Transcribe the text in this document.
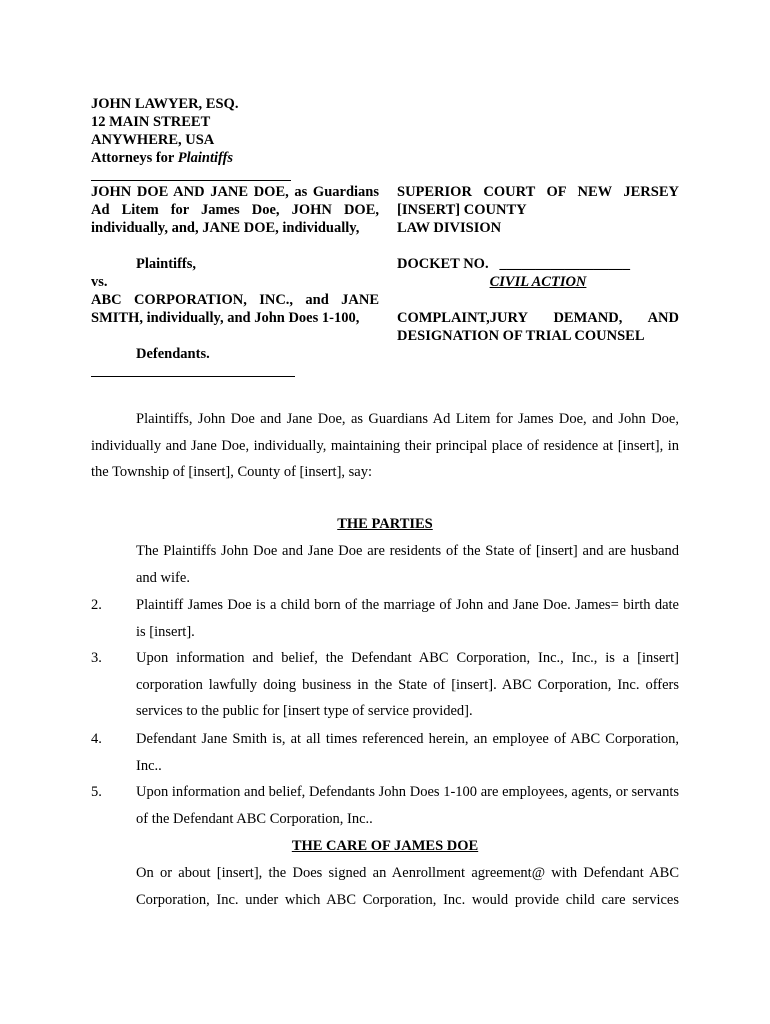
JOHN LAWYER, ESQ.
12 MAIN STREET
ANYWHERE, USA
Attorneys for Plaintiffs
JOHN DOE AND JANE DOE, as Guardians Ad Litem for James Doe, JOHN DOE, individually, and, JANE DOE, individually,
Plaintiffs,
vs.
ABC CORPORATION, INC., and JANE SMITH, individually, and John Does 1-100,
Defendants.
SUPERIOR COURT OF NEW JERSEY
[INSERT] COUNTY
LAW DIVISION
DOCKET NO. __________________
CIVIL ACTION
COMPLAINT,JURY DEMAND, AND DESIGNATION OF TRIAL COUNSEL
Plaintiffs, John Doe and Jane Doe, as Guardians Ad Litem for James Doe, and John Doe, individually and Jane Doe, individually, maintaining their principal place of residence at [insert], in the Township of [insert], County of [insert], say:
THE PARTIES
The Plaintiffs John Doe and Jane Doe are residents of the State of [insert] and are husband and wife.
2. Plaintiff James Doe is a child born of the marriage of John and Jane Doe. James= birth date is [insert].
3. Upon information and belief, the Defendant ABC Corporation, Inc., Inc., is a [insert] corporation lawfully doing business in the State of [insert]. ABC Corporation, Inc. offers services to the public for [insert type of service provided].
4. Defendant Jane Smith is, at all times referenced herein, an employee of ABC Corporation, Inc..
5. Upon information and belief, Defendants John Does 1-100 are employees, agents, or servants of the Defendant ABC Corporation, Inc..
THE CARE OF JAMES DOE
On or about [insert], the Does signed an Aenrollment agreement@ with Defendant ABC Corporation, Inc. under which ABC Corporation, Inc. would provide child care services
